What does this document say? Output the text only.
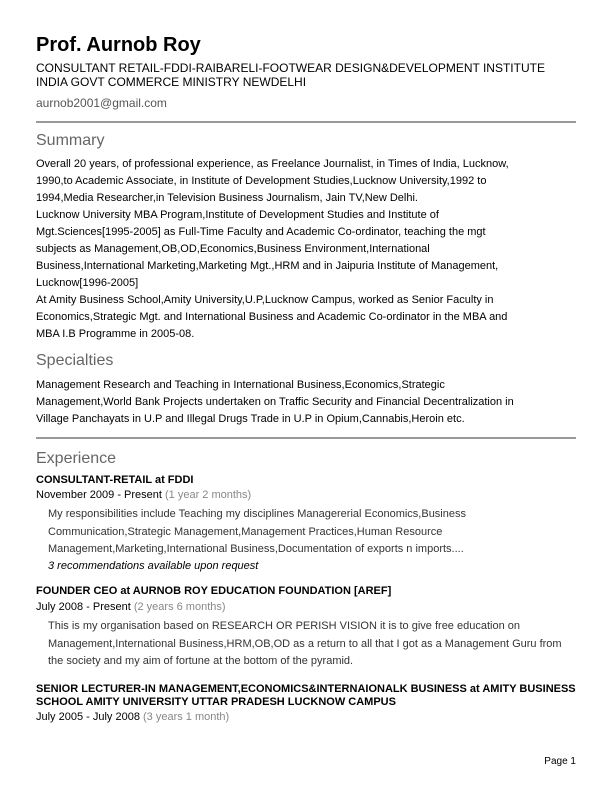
Prof. Aurnob Roy
CONSULTANT RETAIL-FDDI-RAIBARELI-FOOTWEAR DESIGN&DEVELOPMENT INSTITUTE INDIA GOVT COMMERCE MINISTRY NEWDELHI
aurnob2001@gmail.com
Summary
Overall 20 years, of professional experience, as Freelance Journalist, in Times of India, Lucknow,
1990,to Academic Associate, in Institute of Development Studies,Lucknow University,1992 to
1994,Media Researcher,in Television Business Journalism, Jain TV,New Delhi.
Lucknow University MBA Program,Institute of Development Studies and Institute of
Mgt.Sciences[1995-2005] as Full-Time Faculty and Academic Co-ordinator, teaching the mgt
subjects as Management,OB,OD,Economics,Business Environment,International
Business,International Marketing,Marketing Mgt.,HRM and in Jaipuria Institute of Management,
Lucknow[1996-2005]
At Amity Business School,Amity University,U.P,Lucknow Campus, worked as Senior Faculty in
Economics,Strategic Mgt. and International Business and Academic Co-ordinator in the MBA and
MBA I.B Programme in 2005-08.
Specialties
Management Research and Teaching in International Business,Economics,Strategic
Management,World Bank Projects undertaken on Traffic Security and Financial Decentralization in
Village Panchayats in U.P and Illegal Drugs Trade in U.P in Opium,Cannabis,Heroin etc.
Experience
CONSULTANT-RETAIL at FDDI
November 2009 - Present (1 year 2 months)
My responsibilities include Teaching my disciplines Managererial Economics,Business Communication,Strategic Management,Management Practices,Human Resource Management,Marketing,International Business,Documentation of exports n imports....
3 recommendations available upon request
FOUNDER CEO at AURNOB ROY EDUCATION FOUNDATION [AREF]
July 2008 - Present (2 years 6 months)
This is my organisation based on RESEARCH OR PERISH VISION it is to give free education on Management,International Business,HRM,OB,OD as a return to all that I got as a Management Guru from the society and my aim of fortune at the bottom of the pyramid.
SENIOR LECTURER-IN MANAGEMENT,ECONOMICS&INTERNAIONALK BUSINESS at AMITY BUSINESS SCHOOL AMITY UNIVERSITY UTTAR PRADESH LUCKNOW CAMPUS
July 2005 - July 2008 (3 years 1 month)
Page 1
